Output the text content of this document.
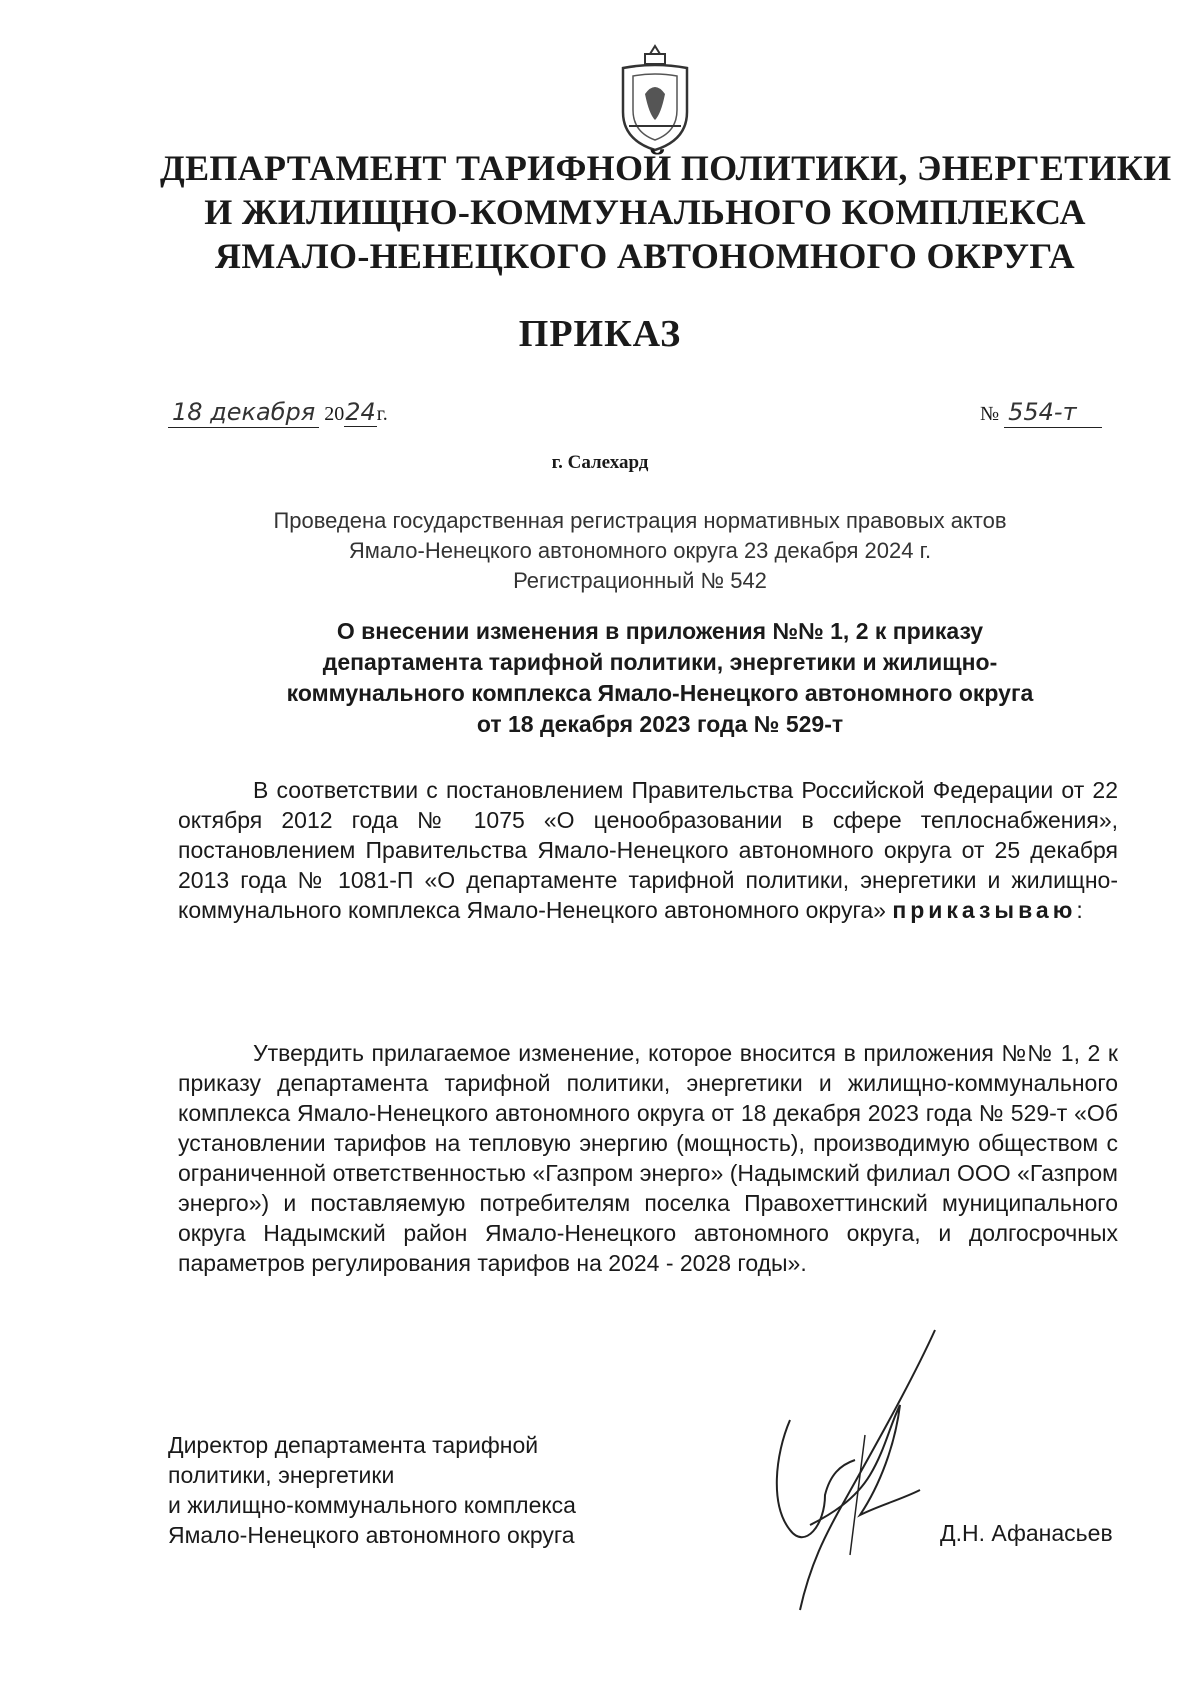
ДЕПАРТАМЕНТ ТАРИФНОЙ ПОЛИТИКИ, ЭНЕРГЕТИКИ
И ЖИЛИЩНО-КОММУНАЛЬНОГО КОМПЛЕКСА
ЯМАЛО-НЕНЕЦКОГО АВТОНОМНОГО ОКРУГА
ПРИКАЗ
18 декабря 2024г.	№ 554-т
г. Салехард
Проведена государственная регистрация нормативных правовых актов
Ямало-Ненецкого автономного округа 23 декабря 2024 г.
Регистрационный № 542
О внесении изменения в приложения №№ 1, 2 к приказу
департамента тарифной политики, энергетики и жилищно-
коммунального комплекса Ямало-Ненецкого автономного округа
от 18 декабря 2023 года № 529-т
В соответствии с постановлением Правительства Российской Федерации от 22 октября 2012 года № 1075 «О ценообразовании в сфере теплоснабжения», постановлением Правительства Ямало-Ненецкого автономного округа от 25 декабря 2013 года № 1081-П «О департаменте тарифной политики, энергетики и жилищно-коммунального комплекса Ямало-Ненецкого автономного округа» приказываю:
Утвердить прилагаемое изменение, которое вносится в приложения №№ 1, 2 к приказу департамента тарифной политики, энергетики и жилищно-коммунального комплекса Ямало-Ненецкого автономного округа от 18 декабря 2023 года № 529-т «Об установлении тарифов на тепловую энергию (мощность), производимую обществом с ограниченной ответственностью «Газпром энерго» (Надымский филиал ООО «Газпром энерго») и поставляемую потребителям поселка Правохеттинский муниципального округа Надымский район Ямало-Ненецкого автономного округа, и долгосрочных параметров регулирования тарифов на 2024 - 2028 годы».
Директор департамента тарифной
политики, энергетики
и жилищно-коммунального комплекса
Ямало-Ненецкого автономного округа	Д.Н. Афанасьев
